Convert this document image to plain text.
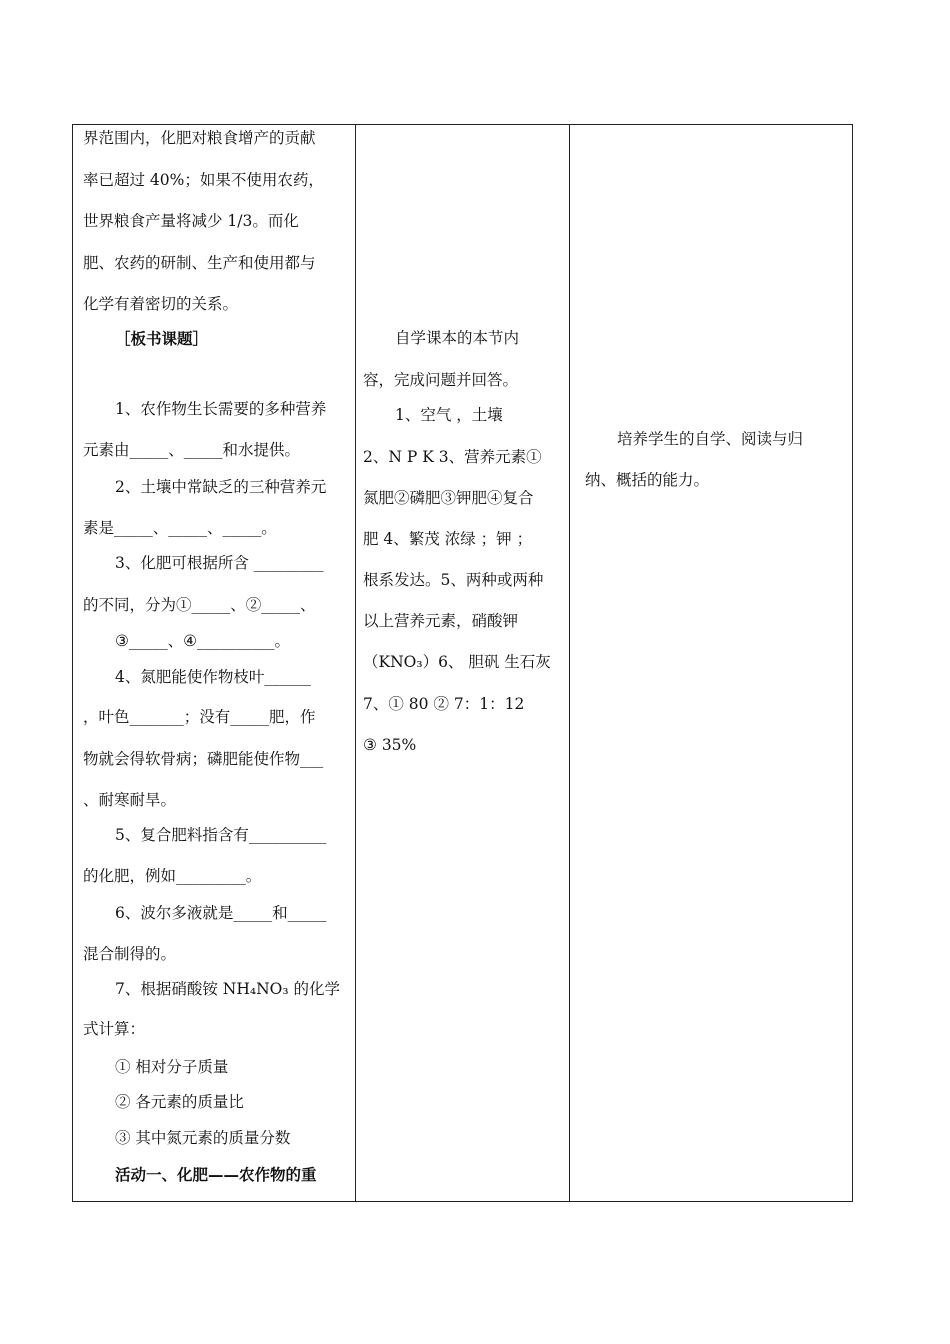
界范围内，化肥对粮食增产的贡献
率已超过 40%；如果不使用农药，
世界粮食产量将减少 1/3。而化
肥、农药的研制、生产和使用都与
化学有着密切的关系。
［板书课题］
1、农作物生长需要的多种营养
元素由_____、_____和水提供。
2、土壤中常缺乏的三种营养元
素是_____、_____、_____。
3、化肥可根据所含 _________
的不同，分为①_____、②_____、
③_____、④__________。
4、氮肥能使作物枝叶______
，叶色_______；没有_____肥，作
物就会得软骨病；磷肥能使作物___
、耐寒耐旱。
5、复合肥料指含有__________
的化肥，例如_________。
6、波尔多液就是_____和_____
混合制得的。
7、根据硝酸铵 NH₄NO₃ 的化学
式计算：
① 相对分子质量
② 各元素的质量比
③ 其中氮元素的质量分数
活动一、化肥——农作物的重
自学课本的本节内
容，完成问题并回答。
1、空气 ，土壤
2、N P K 3、营养元素①
氮肥②磷肥③钾肥④复合
肥 4、繁茂 浓绿 ；钾 ；
根系发达。5、两种或两种
以上营养元素，硝酸钾
（KNO₃）6、 胆矾 生石灰
7、① 80 ② 7：1：12
③ 35%
培养学生的自学、阅读与归
纳、概括的能力。
